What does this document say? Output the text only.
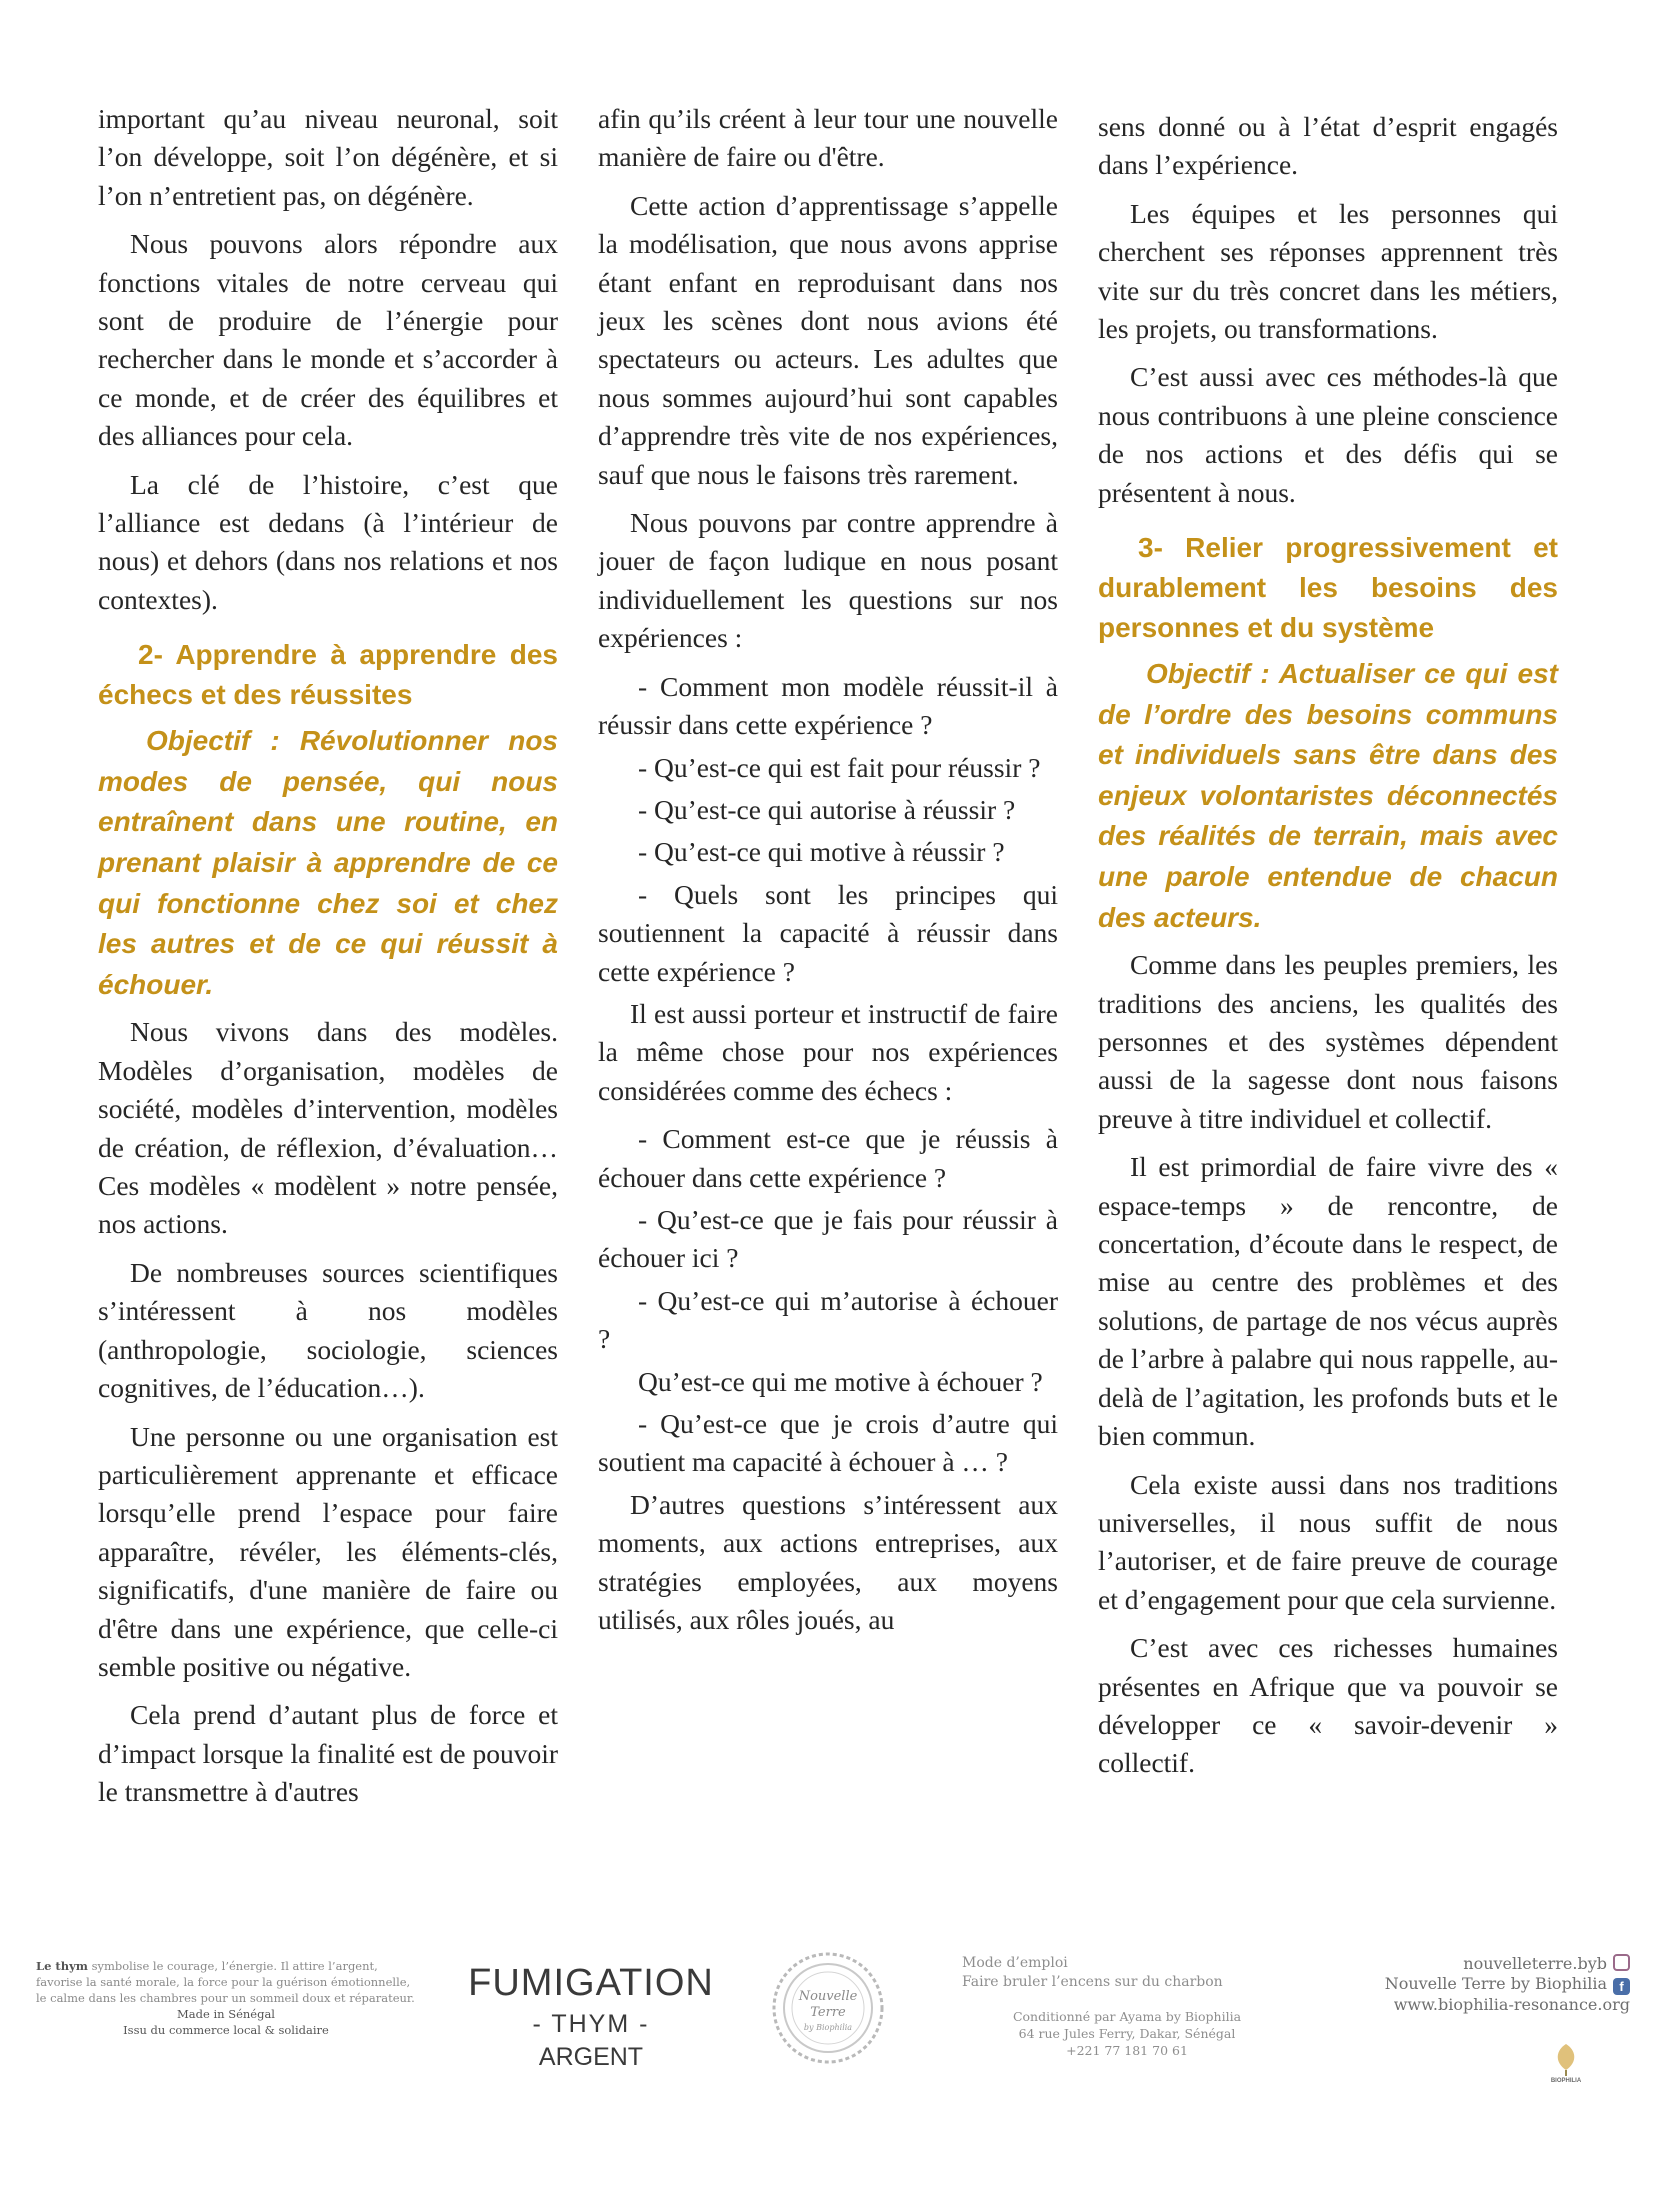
important qu’au niveau neuronal, soit l’on développe, soit l’on dégénère, et si l’on n’entretient pas, on dégénère.

Nous pouvons alors répondre aux fonctions vitales de notre cerveau qui sont de produire de l’énergie pour rechercher dans le monde et s’accorder à ce monde, et de créer des équilibres et des alliances pour cela.

La clé de l’histoire, c’est que l’alliance est dedans (à l’intérieur de nous) et dehors (dans nos relations et nos contextes).

2- Apprendre à apprendre des échecs et des réussites
Objectif : Révolutionner nos modes de pensée, qui nous entraînent dans une routine, en prenant plaisir à apprendre de ce qui fonctionne chez soi et chez les autres et de ce qui réussit à échouer.

Nous vivons dans des modèles. Modèles d’organisation, modèles de société, modèles d’intervention, modèles de création, de réflexion, d’évaluation… Ces modèles « modèlent » notre pensée, nos actions.

De nombreuses sources scientifiques s’intéressent à nos modèles (anthropologie, sociologie, sciences cognitives, de l’éducation…).

Une personne ou une organisation est particulièrement apprenante et efficace lorsqu’elle prend l’espace pour faire apparaître, révéler, les éléments-clés, significatifs, d'une manière de faire ou d'être dans une expérience, que celle-ci semble positive ou négative.

Cela prend d’autant plus de force et d’impact lorsque la finalité est de pouvoir le transmettre à d'autres

afin qu’ils créent à leur tour une nouvelle manière de faire ou d'être.

Cette action d’apprentissage s’appelle la modélisation, que nous avons apprise étant enfant en reproduisant dans nos jeux les scènes dont nous avions été spectateurs ou acteurs. Les adultes que nous sommes aujourd’hui sont capables d’apprendre très vite de nos expériences, sauf que nous le faisons très rarement.

Nous pouvons par contre apprendre à jouer de façon ludique en nous posant individuellement les questions sur nos expériences :

- Comment mon modèle réussit-il à réussir dans cette expérience ?

- Qu’est-ce qui est fait pour réussir ?

- Qu’est-ce qui autorise à réussir ?

- Qu’est-ce qui motive à réussir ?

- Quels sont les principes qui soutiennent la capacité à réussir dans cette expérience ?

Il est aussi porteur et instructif de faire la même chose pour nos expériences considérées comme des échecs :

- Comment est-ce que je réussis à échouer dans cette expérience ?

- Qu’est-ce que je fais pour réussir à échouer ici ?

- Qu’est-ce qui m’autorise à échouer ?

Qu’est-ce qui me motive à échouer ?

- Qu’est-ce que je crois d’autre qui soutient ma capacité à échouer à … ?

D’autres questions s’intéressent aux moments, aux actions entreprises, aux stratégies employées, aux moyens utilisés, aux rôles joués, au

sens donné ou à l’état d’esprit engagés dans l’expérience.

Les équipes et les personnes qui cherchent ses réponses apprennent très vite sur du très concret dans les métiers, les projets, ou transformations.

C’est aussi avec ces méthodes-là que nous contribuons à une pleine conscience de nos actions et des défis qui se présentent à nous.

3- Relier progressivement et durablement les besoins des personnes et du système
Objectif : Actualiser ce qui est de l’ordre des besoins communs et individuels sans être dans des enjeux volontaristes déconnectés des réalités de terrain, mais avec une parole entendue de chacun des acteurs.

Comme dans les peuples premiers, les traditions des anciens, les qualités des personnes et des systèmes dépendent aussi de la sagesse dont nous faisons preuve à titre individuel et collectif.

Il est primordial de faire vivre des « espace-temps » de rencontre, de concertation, d’écoute dans le respect, de mise au centre des problèmes et des solutions, de partage de nos vécus auprès de l’arbre à palabre qui nous rappelle, au-delà de l’agitation, les profonds buts et le bien commun.

Cela existe aussi dans nos traditions universelles, il nous suffit de nous l’autoriser, et de faire preuve de courage et d’engagement pour que cela survienne.

C’est avec ces richesses humaines présentes en Afrique que va pouvoir se développer ce « savoir-devenir » collectif.

Le thym symbolise le courage, l’énergie. Il attire l’argent, favorise la santé morale, la force pour la guérison émotionnelle, le calme dans les chambres pour un sommeil doux et réparateur.
Made in Sénégal
Issu du commerce local & solidaire
FUMIGATION
- THYM -
ARGENT
Nouvelle
Terre
by Biophilia
Mode d’emploi
Faire bruler l’encens sur du charbon
Conditionné par Ayama by Biophilia
64 rue Jules Ferry, Dakar, Sénégal
+221 77 181 70 61
nouvelleterre.byb
Nouvelle Terre by Biophilia f
www.biophilia-resonance.org
BIOPHILIA
